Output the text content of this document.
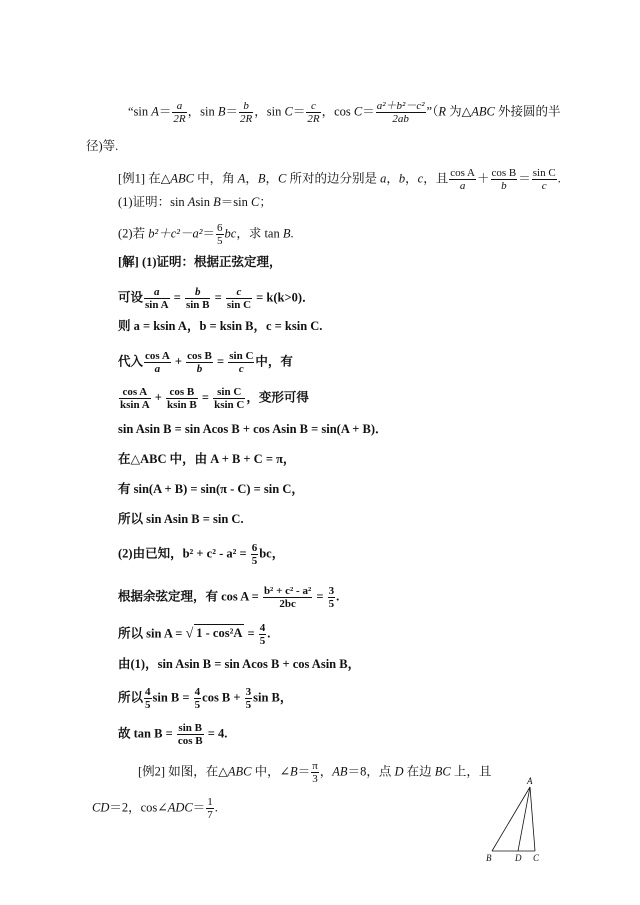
“sin $A= \frac{a}{2R}$ ，$\sin B= \frac{b}{2R}$ ，$\sin C= \frac{c}{2R}$ ，$\cos C= \frac{\text{a²＋b²－c²}}{2ab}$ ”（R 为△ABC 外接圆的半
径)等.
[例1] 在△ABC 中，角 A，B，C 所对的边分别是 a，b，c，且 $\frac{\text{cos A}}{a} + \frac{\text{cos B}}{b} = \frac{\text{sin C}}{c}$ .
(1)证明：sin Asin B＝sin C；
(2)若 $b^2+c^2-a^2= \frac{6}{5}$ bc，求 tan B.
[解] (1)证明：根据正弦定理，
可设 $\frac{a}{\text{sin A}} = \frac{b}{\text{sin B}} = \frac{c}{\text{sin C}} = k(k>0)$．
则 a = ksin A，b = ksin B，c = ksin C.
代入 $\frac{\text{cos A}}{a} + \frac{\text{cos B}}{b} = \frac{\text{sin C}}{c}$ 中，有
$\frac{\text{cos A}}{\text{ksin A}} + \frac{\text{cos B}}{\text{ksin B}} = \frac{\text{sin C}}{\text{ksin C}}$ ，变形可得
sin Asin B = sin Acos B + cos Asin B = sin(A + B)．
在△ABC 中，由 A + B + C = π，
有 sin(A + B) = sin(π - C) = sin C，
所以 sin Asin B = sin C.
(2)由已知，$b^2 + c^2 - a^2 = \frac{6}{5}$ bc，
根据余弦定理，有 $\cos A = \frac{\text{b² + c² - a²}}{2bc} = \frac{3}{5}$ .
所以 sin A = √ $1 - \cos^2A = \frac{4}{5}$ .
由(1)，sin Asin B = sin Acos B + cos Asin B，
所以 $\frac{4}{5}$ $\sin B = \frac{4}{5}$ $\cos B + \frac{3}{5}$ sin B，
故 $\tan B = \frac{\text{sin B}}{\text{cos B}} = 4$.
[例2] 如图，在△ABC 中，∠B＝ $\frac{\pi}{3}$ ，AB＝8，点 D 在边 BC 上，且
CD＝2，cos∠ADC＝ $\frac{1}{7}$ .
A
B	D C
